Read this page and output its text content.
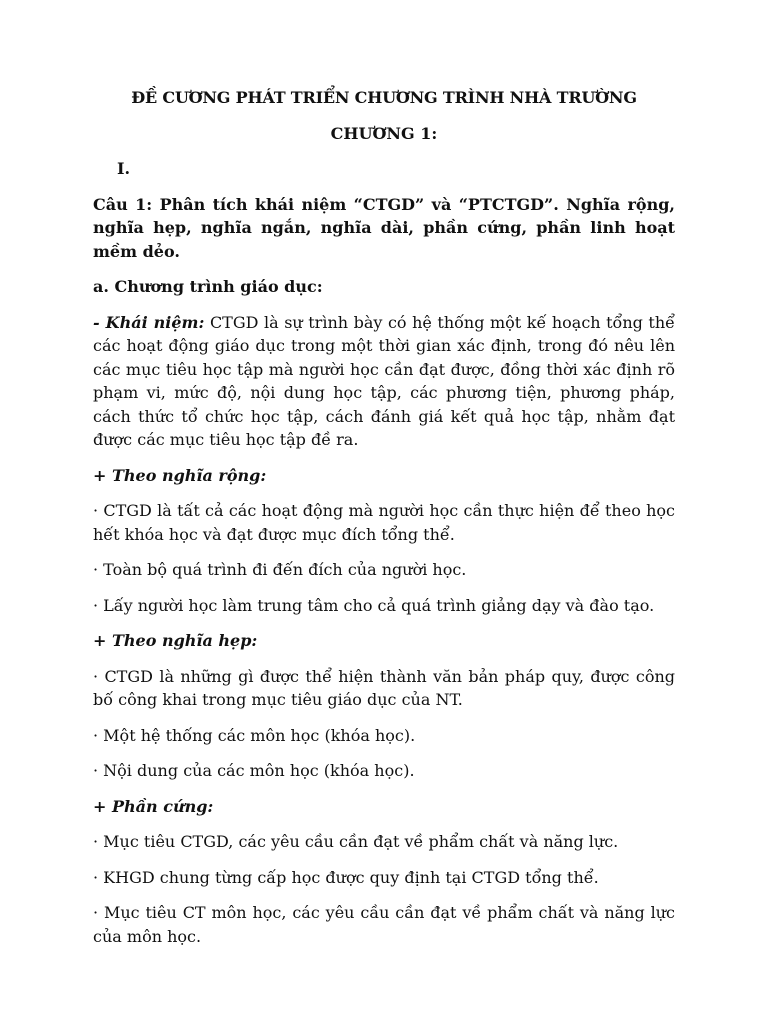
ĐỀ CƯƠNG PHÁT TRIỂN CHƯƠNG TRÌNH NHÀ TRƯỜNG

CHƯƠNG 1:

I.

Câu 1: Phân tích khái niệm “CTGD” và “PTCTGD”. Nghĩa rộng, nghĩa hẹp, nghĩa ngắn, nghĩa dài, phần cứng, phần linh hoạt mềm dẻo.

a. Chương trình giáo dục:

- Khái niệm: CTGD là sự trình bày có hệ thống một kế hoạch tổng thể các hoạt động giáo dục trong một thời gian xác định, trong đó nêu lên các mục tiêu học tập mà người học cần đạt được, đồng thời xác định rõ phạm vi, mức độ, nội dung học tập, các phương tiện, phương pháp, cách thức tổ chức học tập, cách đánh giá kết quả học tập, nhằm đạt được các mục tiêu học tập đề ra.

+ Theo nghĩa rộng:

· CTGD là tất cả các hoạt động mà người học cần thực hiện để theo học hết khóa học và đạt được mục đích tổng thể.

· Toàn bộ quá trình đi đến đích của người học.

· Lấy người học làm trung tâm cho cả quá trình giảng dạy và đào tạo.

+ Theo nghĩa hẹp:

· CTGD là những gì được thể hiện thành văn bản pháp quy, được công bố công khai trong mục tiêu giáo dục của NT.

· Một hệ thống các môn học (khóa học).

· Nội dung của các môn học (khóa học).

+ Phần cứng:

· Mục tiêu CTGD, các yêu cầu cần đạt về phẩm chất và năng lực.

· KHGD chung từng cấp học được quy định tại CTGD tổng thể.

· Mục tiêu CT môn học, các yêu cầu cần đạt về phẩm chất và năng lực của môn học.
